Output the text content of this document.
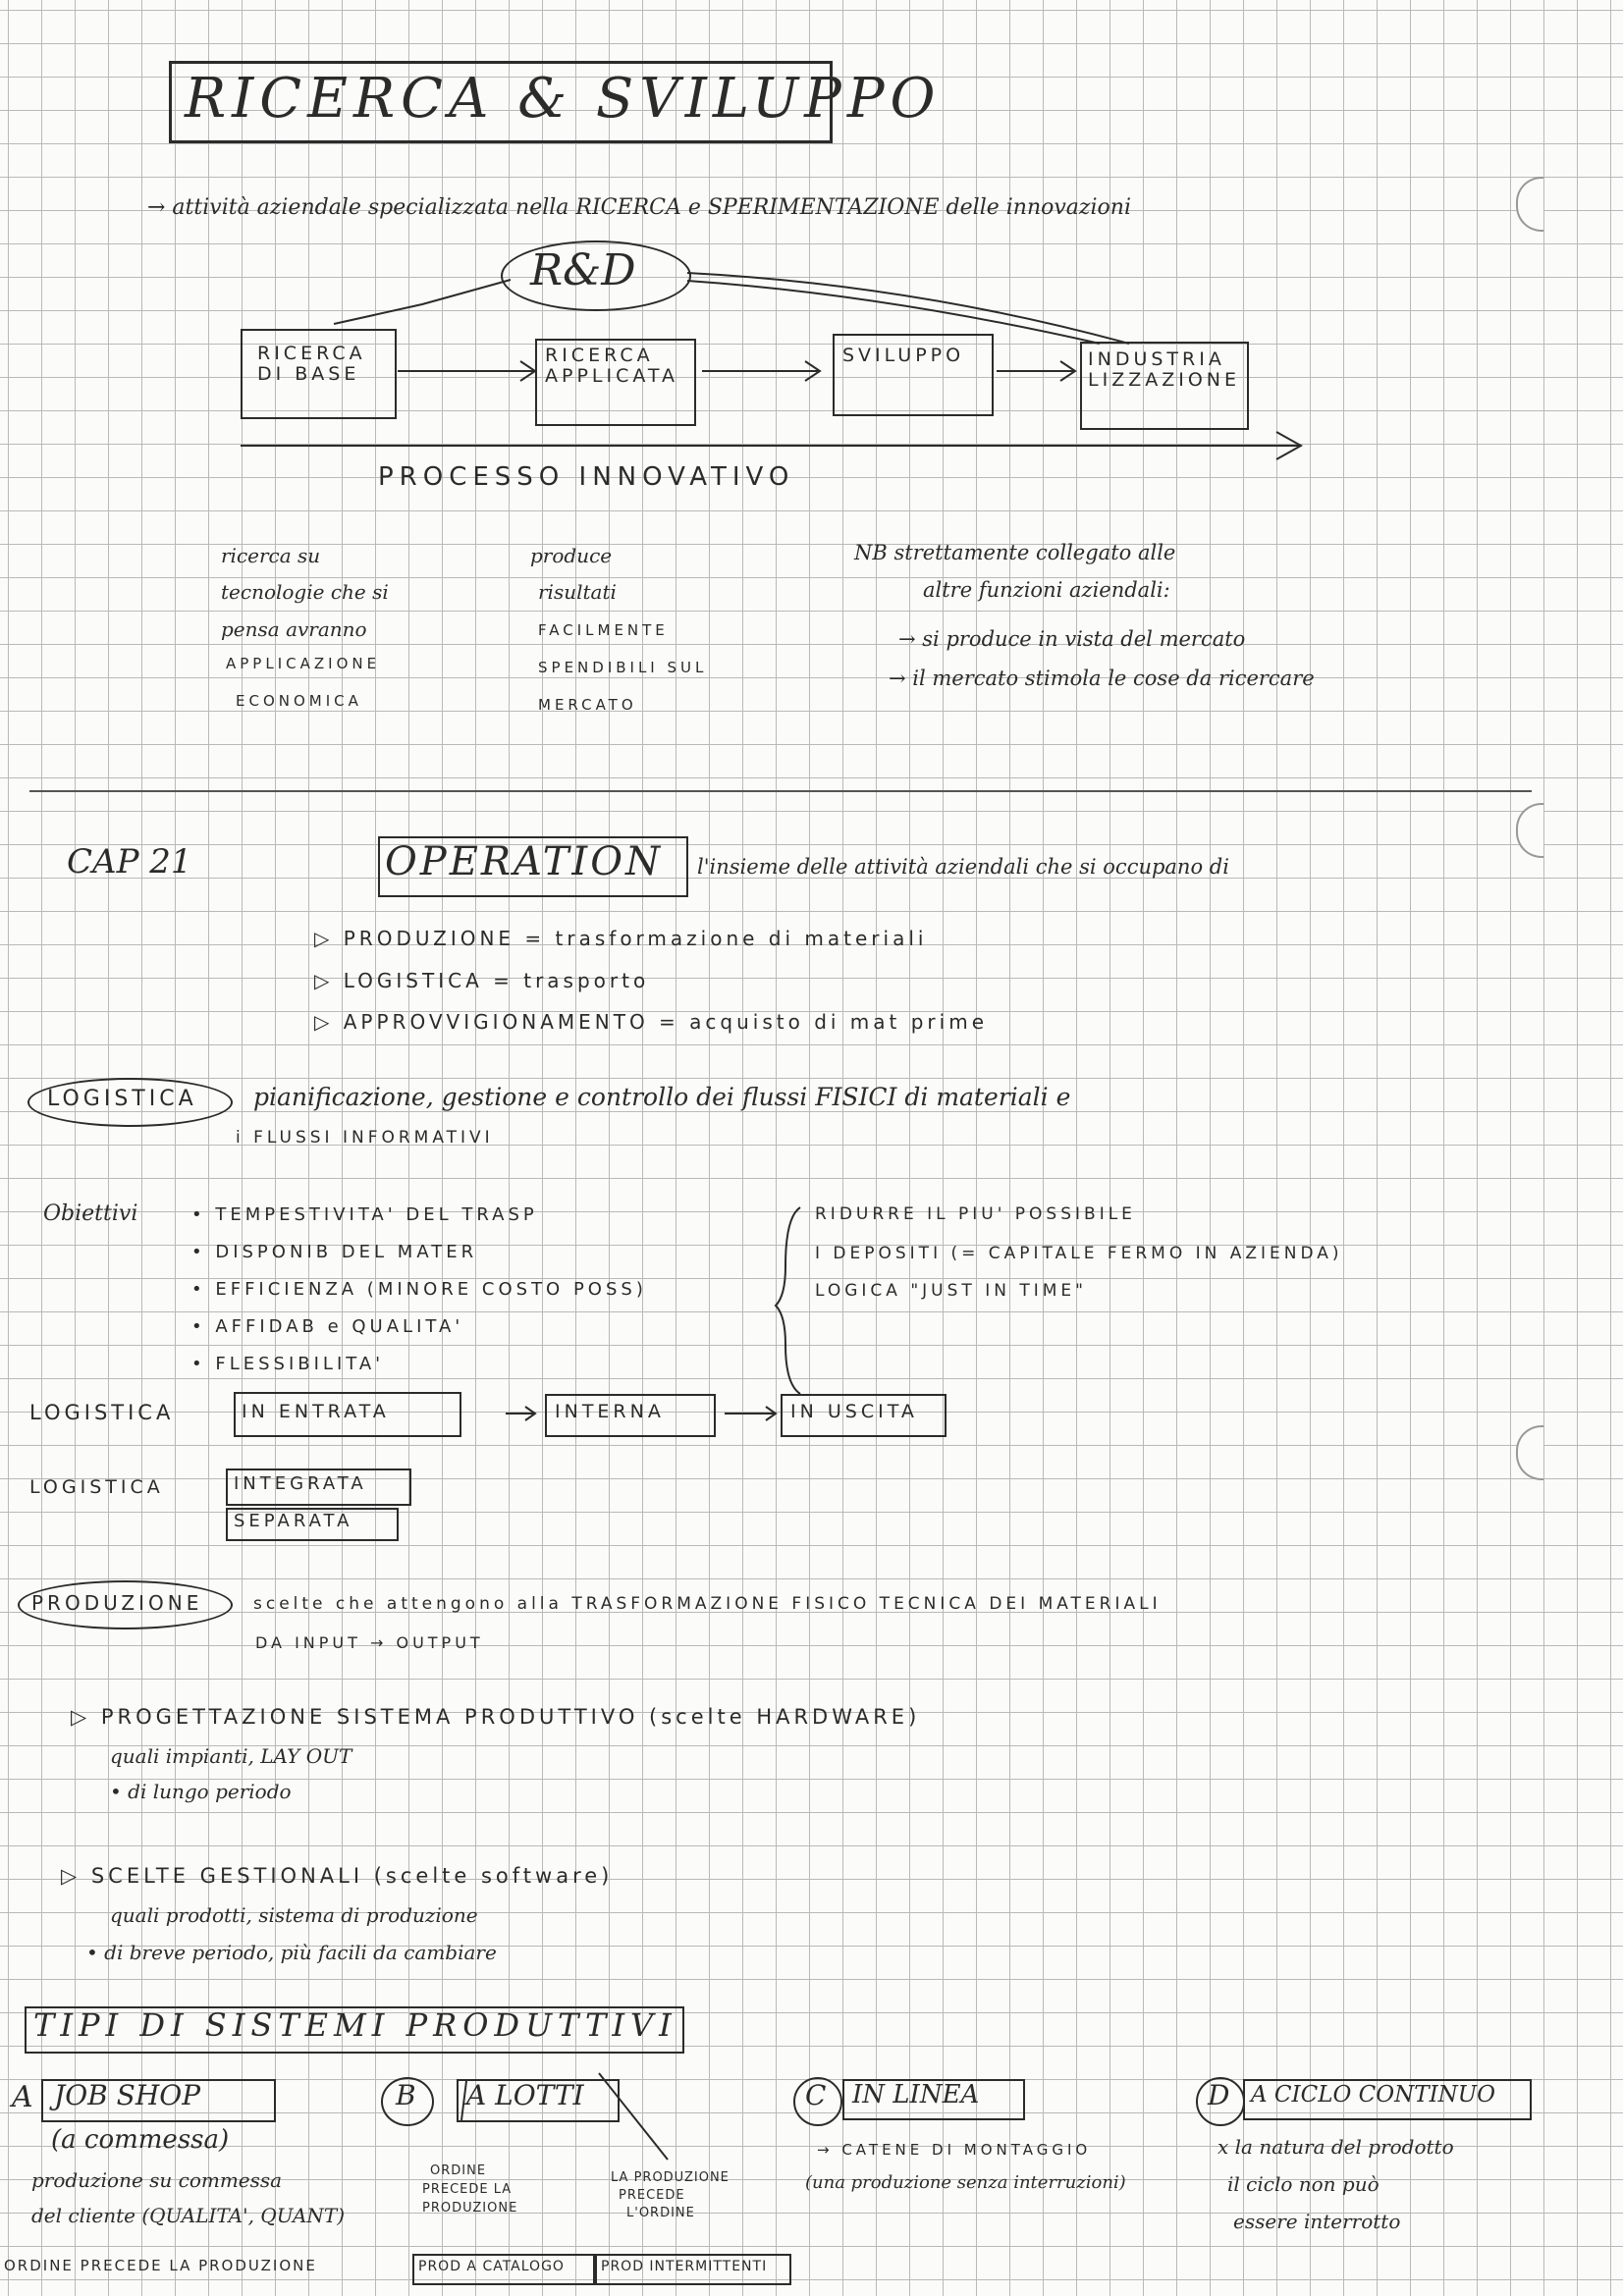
RICERCA & SVILUPPO
→ attività aziendale specializzata nella RICERCA e SPERIMENTAZIONE delle innovazioni
R&D
RICERCA DI BASE
RICERCA APPLICATA
SVILUPPO	INDUSTRIA LIZZAZIONE
PROCESSO INNOVATIVO
ricerca su
tecnologie che si
pensa avranno
APPLICAZIONE
ECONOMICA
produce
risultati
FACILMENTE
SPENDIBILI SUL
MERCATO
NB strettamente collegato alle
altre funzioni aziendali:
→ si produce in vista del mercato
→ il mercato stimola le cose da ricercare
CAP 21	OPERATION l'insieme delle attività aziendali che si occupano di
▷ PRODUZIONE = trasformazione di materiali
▷ LOGISTICA = trasporto
▷ APPROVVIGIONAMENTO = acquisto di mat prime
LOGISTICA pianificazione, gestione e controllo dei flussi FISICI di materiali e
i FLUSSI INFORMATIVI
Obiettivi	• TEMPESTIVITA' DEL TRASP
• DISPONIB DEL MATER
• EFFICIENZA (MINORE COSTO POSS)
• AFFIDAB e QUALITA'
• FLESSIBILITA'
RIDURRE IL PIU' POSSIBILE
I DEPOSITI (= CAPITALE FERMO IN AZIENDA)
LOGICA "JUST IN TIME"
LOGISTICA	IN ENTRATA	INTERNA	IN USCITA
LOGISTICA	INTEGRATA
SEPARATA
PRODUZIONE	scelte che attengono alla TRASFORMAZIONE FISICO TECNICA DEI MATERIALI
DA INPUT → OUTPUT
▷ PROGETTAZIONE SISTEMA PRODUTTIVO (scelte HARDWARE)
quali impianti, LAY OUT
• di lungo periodo
▷ SCELTE GESTIONALI (scelte software)
quali prodotti, sistema di produzione
• di breve periodo, più facili da cambiare
TIPI DI SISTEMI PRODUTTIVI
A JOB SHOP
(a commessa)
produzione su commessa
del cliente (QUALITA', QUANT)
B A LOTTI
ORDINE
PRECEDE LA
PRODUZIONE
LA PRODUZIONE
PRECEDE
L'ORDINE
C IN LINEA
→ CATENE DI MONTAGGIO
(una produzione senza interruzioni)
D A CICLO CONTINUO
x la natura del prodotto
il ciclo non può
essere interrotto
ORDINE PRECEDE LA PRODUZIONE	PROD A CATALOGO	PROD INTERMITTENTI
